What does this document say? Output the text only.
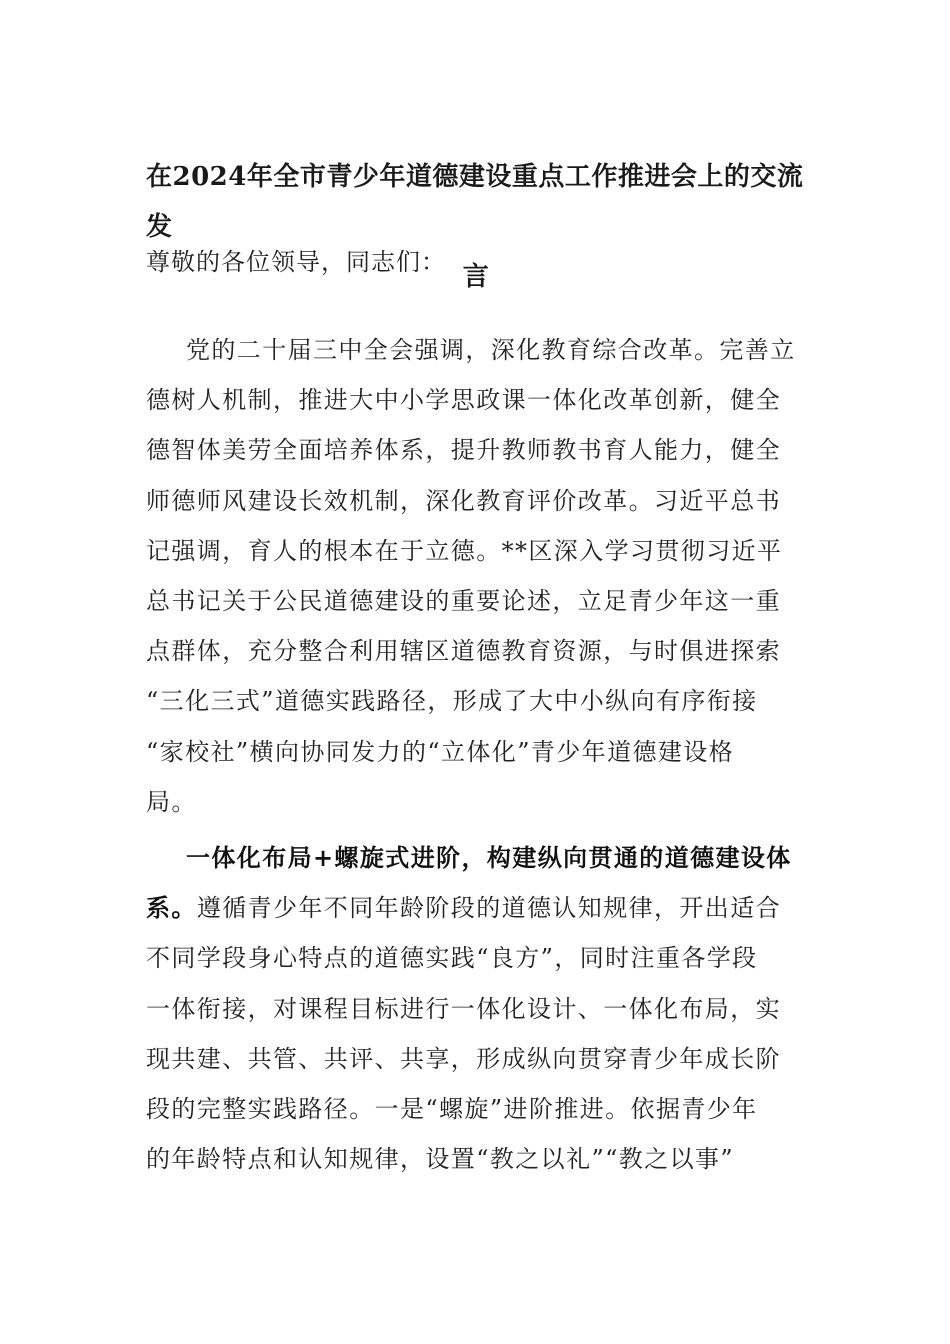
在2024年全市青少年道德建设重点工作推进会上的交流发
言
尊敬的各位领导，同志们：
党的二十届三中全会强调，深化教育综合改革。完善立
德树人机制，推进大中小学思政课一体化改革创新，健全
德智体美劳全面培养体系，提升教师教书育人能力，健全
师德师风建设长效机制，深化教育评价改革。习近平总书
记强调，育人的根本在于立德。**区深入学习贯彻习近平
总书记关于公民道德建设的重要论述，立足青少年这一重
点群体，充分整合利用辖区道德教育资源，与时俱进探索
“三化三式”道德实践路径，形成了大中小纵向有序衔接
“家校社”横向协同发力的“立体化”青少年道德建设格
局。
一体化布局+螺旋式进阶，构建纵向贯通的道德建设体
系。遵循青少年不同年龄阶段的道德认知规律，开出适合
不同学段身心特点的道德实践“良方”，同时注重各学段
一体衔接，对课程目标进行一体化设计、一体化布局，实
现共建、共管、共评、共享，形成纵向贯穿青少年成长阶
段的完整实践路径。一是“螺旋”进阶推进。依据青少年
的年龄特点和认知规律，设置“教之以礼”“教之以事”
